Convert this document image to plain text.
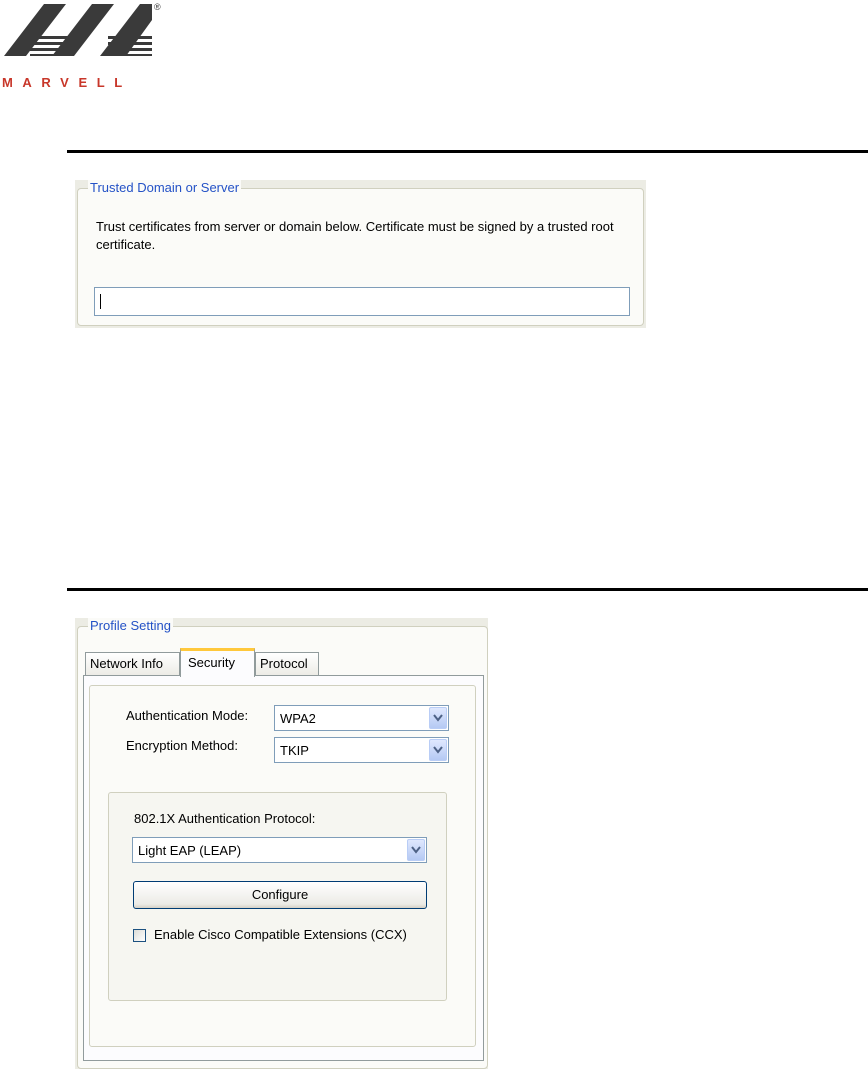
®
MARVELL
Trusted Domain or Server
Trust certificates from server or domain below. Certificate must be signed by a trusted root certificate.
Profile Setting
Network Info	Security	Protocol
Authentication Mode: WPA2
Encryption Method:	TKIP
802.1X Authentication Protocol:
Light EAP (LEAP)
Configure
Enable Cisco Compatible Extensions (CCX)
